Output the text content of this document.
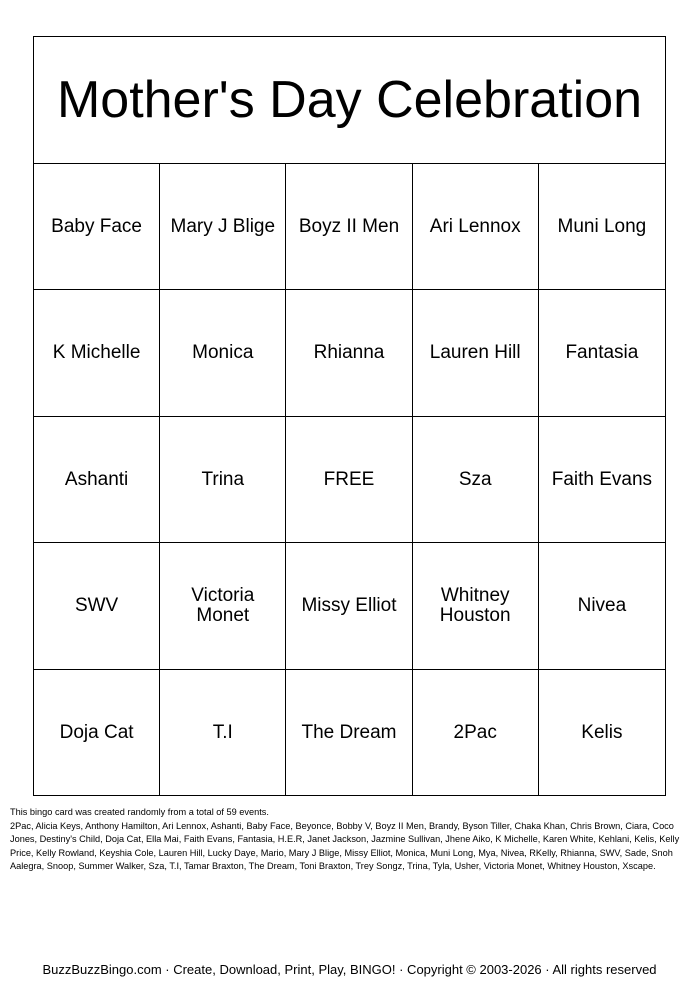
Mother's Day Celebration
Baby Face	Mary J Blige	Boyz II Men	Ari Lennox	Muni Long
K Michelle	Monica	Rhianna	Lauren Hill	Fantasia
Ashanti	Trina	FREE	Sza	Faith Evans
SWV	Victoria Monet	Missy Elliot	Whitney Houston	Nivea
Doja Cat	T.I	The Dream	2Pac	Kelis
This bingo card was created randomly from a total of 59 events.
2Pac, Alicia Keys, Anthony Hamilton, Ari Lennox, Ashanti, Baby Face, Beyonce, Bobby V, Boyz II Men, Brandy, Byson Tiller, Chaka Khan, Chris Brown, Ciara, Coco Jones, Destiny's Child, Doja Cat, Ella Mai, Faith Evans, Fantasia, H.E.R, Janet Jackson, Jazmine Sullivan, Jhene Aiko, K Michelle, Karen White, Kehlani, Kelis, Kelly Price, Kelly Rowland, Keyshia Cole, Lauren Hill, Lucky Daye, Mario, Mary J Blige, Missy Elliot, Monica, Muni Long, Mya, Nivea, RKelly, Rhianna, SWV, Sade, Snoh Aalegra, Snoop, Summer Walker, Sza, T.I, Tamar Braxton, The Dream, Toni Braxton, Trey Songz, Trina, Tyla, Usher, Victoria Monet, Whitney Houston, Xscape.
BuzzBuzzBingo.com · Create, Download, Print, Play, BINGO! · Copyright © 2003-2026 · All rights reserved
